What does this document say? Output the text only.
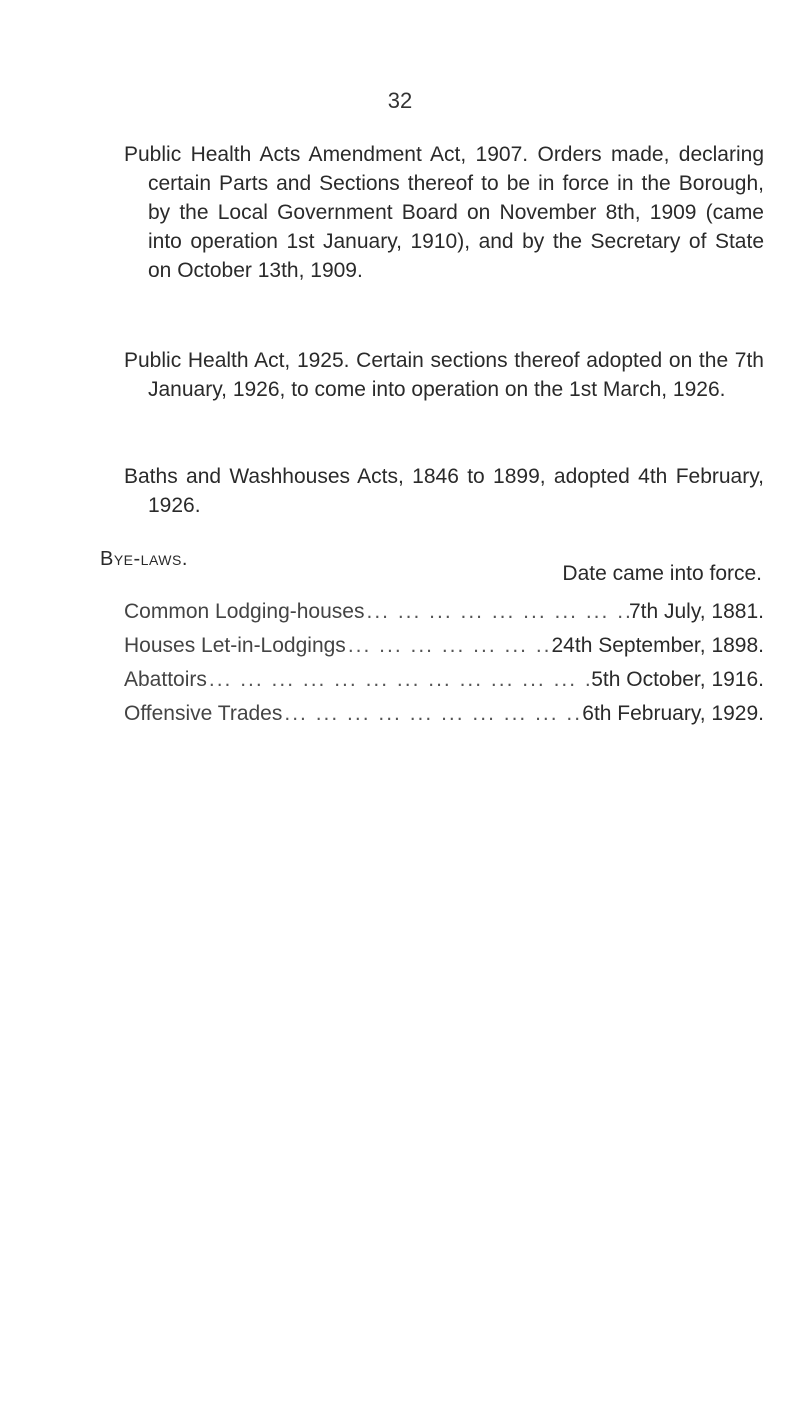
32
Public Health Acts Amendment Act, 1907. Orders made, declaring certain Parts and Sections thereof to be in force in the Borough, by the Local Government Board on November 8th, 1909 (came into operation 1st January, 1910), and by the Secretary of State on October 13th, 1909.
Public Health Act, 1925. Certain sections thereof adopted on the 7th January, 1926, to come into operation on the 1st March, 1926.
Baths and Washhouses Acts, 1846 to 1899, adopted 4th February, 1926.
Bye-laws.
Date came into force.
Common Lodging-houses ... .	7th July, 1881.
Houses Let-in-Lodgings ... .	24th September, 1898.
Abattoirs ... .	5th October, 1916.
Offensive Trades ... .	6th February, 1929.
